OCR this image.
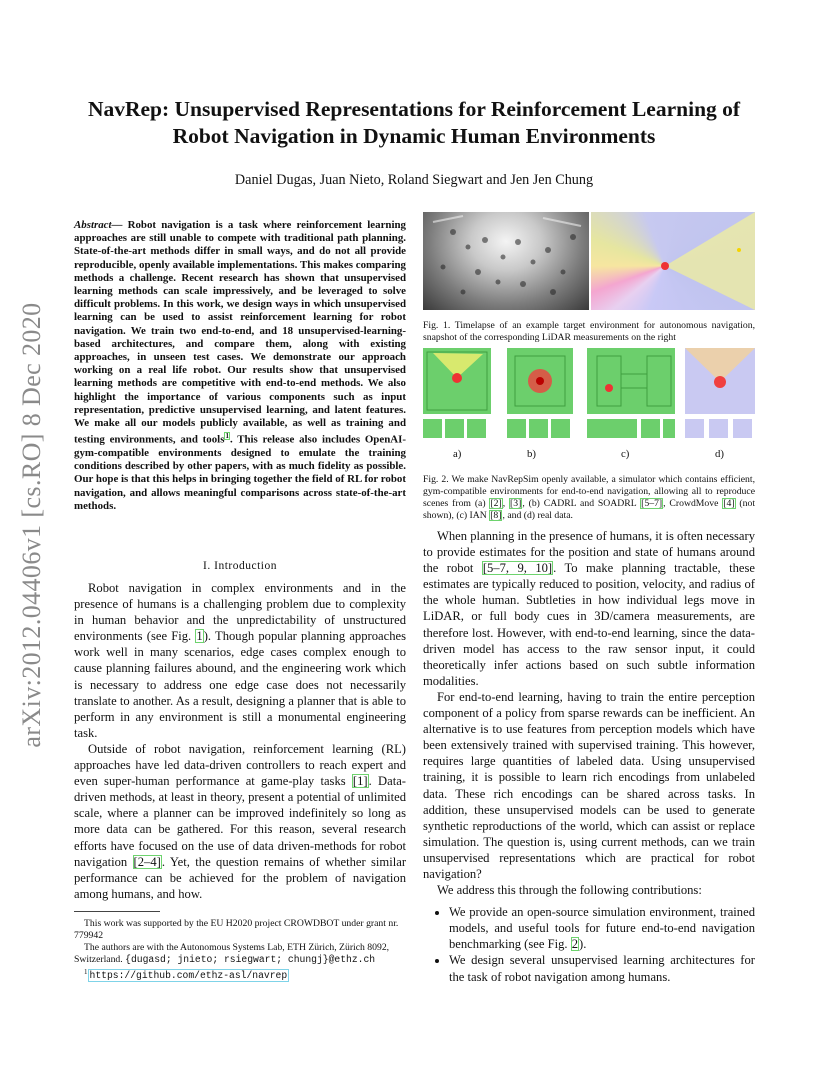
NavRep: Unsupervised Representations for Reinforcement Learning of
Robot Navigation in Dynamic Human Environments
Daniel Dugas, Juan Nieto, Roland Siegwart and Jen Jen Chung
arXiv:2012.04406v1 [cs.RO] 8 Dec 2020
Abstract— Robot navigation is a task where reinforcement learning approaches are still unable to compete with traditional path planning. State-of-the-art methods differ in small ways, and do not all provide reproducible, openly available implementations. This makes comparing methods a challenge. Recent research has shown that unsupervised learning methods can scale impressively, and be leveraged to solve difficult problems. In this work, we design ways in which unsupervised learning can be used to assist reinforcement learning for robot navigation. We train two end-to-end, and 18 unsupervised-learning-based architectures, and compare them, along with existing approaches, in unseen test cases. We demonstrate our approach working on a real life robot. Our results show that unsupervised learning methods are competitive with end-to-end methods. We also highlight the importance of various components such as input representation, predictive unsupervised learning, and latent features. We make all our models publicly available, as well as training and testing environments, and tools$^1$. This release also includes OpenAI-gym-compatible environments designed to emulate the training conditions described by other papers, with as much fidelity as possible. Our hope is that this helps in bringing together the field of RL for robot navigation, and allows meaningful comparisons across state-of-the-art methods.
I. Introduction

Robot navigation in complex environments and in the presence of humans is a challenging problem due to complexity in human behavior and the unpredictability of unstructured environments (see Fig. 1). Though popular planning approaches work well in many scenarios, edge cases complex enough to cause planning failures abound, and the engineering work which is necessary to address one edge case does not necessarily translate to another. As a result, designing a planner that is able to perform in any environment is still a monumental engineering task.

Outside of robot navigation, reinforcement learning (RL) approaches have led data-driven controllers to reach expert and even super-human performance at game-play tasks [1]. Data-driven methods, at least in theory, present a potential of unlimited scale, where a planner can be improved indefinitely so long as more data can be gathered. For this reason, several research efforts have focused on the use of data driven-methods for robot navigation [2–4]. Yet, the question remains of whether similar performance can be achieved for the problem of navigation among humans, and how.

This work was supported by the EU H2020 project CROWDBOT under grant nr. 779942

The authors are with the Autonomous Systems Lab, ETH Zürich, Zürich 8092, Switzerland. {dugasd; jnieto; rsiegwart; chungj}@ethz.ch

$^1$ https://github.com/ethz-asl/navrep

Fig. 1. Timelapse of an example target environment for autonomous navigation, snapshot of the corresponding LiDAR measurements on the right
a)	b)	c)	d)
Fig. 2. We make NavRepSim openly available, a simulator which contains efficient, gym-compatible environments for end-to-end navigation, allowing all to reproduce scenes from (a) [2], [3], (b) CADRL and SOADRL [5–7], CrowdMove [4] (not shown), (c) IAN [8], and (d) real data.

When planning in the presence of humans, it is often necessary to provide estimates for the position and state of humans around the robot [5–7, 9, 10]. To make planning tractable, these estimates are typically reduced to position, velocity, and radius of the whole human. Subtleties in how individual legs move in LiDAR, or full body cues in 3D/camera measurements, are therefore lost. However, with end-to-end learning, since the data-driven model has access to the raw sensor input, it could theoretically infer actions based on such subtle information modalities.

For end-to-end learning, having to train the entire perception component of a policy from sparse rewards can be inefficient. An alternative is to use features from perception models which have been extensively trained with supervised training. This however, requires large quantities of labeled data. Using unsupervised training, it is possible to learn rich encodings from unlabeled data. These rich encodings can be shared across tasks. In addition, these unsupervised models can be used to generate synthetic reproductions of the world, which can assist or replace simulation. The question is, using current methods, can we train unsupervised representations which are practical for robot navigation?

We address this through the following contributions:

• We provide an open-source simulation environment, trained models, and useful tools for future end-to-end navigation benchmarking (see Fig. 2).
• We design several unsupervised learning architectures for the task of robot navigation among humans.
